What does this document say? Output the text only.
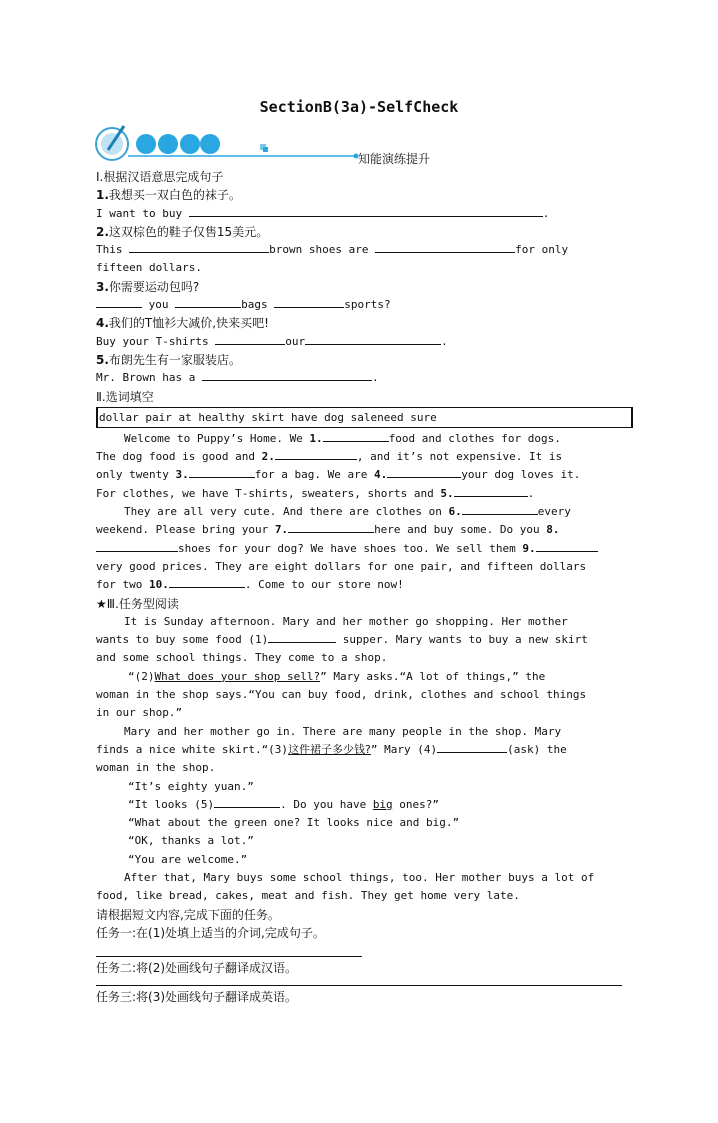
SectionB(3a)-SelfCheck
知能演练提升
Ⅰ.根据汉语意思完成句子
1.我想买一双白色的袜子。
I want to buy	.
2.这双棕色的鞋子仅售15美元。
This	brown shoes are	for only
fifteen dollars.
3.你需要运动包吗?
you	bags	sports?
4.我们的T恤衫大减价,快来买吧!
Buy your T-shirts	our	.
5.布朗先生有一家服装店。
Mr. Brown has a	.
Ⅱ.选词填空
dollar pair at healthy skirt have dog saleneed sure
Welcome to Puppy’s Home. We 1.	food and clothes for dogs.
The dog food is good and 2.	, and it’s not expensive. It is
only twenty 3.	for a bag. We are 4.	your dog loves it.
For clothes, we have T-shirts, sweaters, shorts and 5.	.
They are all very cute. And there are clothes on 6.	every
weekend. Please bring your 7.	here and buy some. Do you 8.
shoes for your dog? We have shoes too. We sell them 9.
very good prices. They are eight dollars for one pair, and fifteen dollars
for two 10.	. Come to our store now!
★Ⅲ.任务型阅读
It is Sunday afternoon. Mary and her mother go shopping. Her mother
wants to buy some food (1)	supper. Mary wants to buy a new skirt
and some school things. They come to a shop.
“(2)What does your shop sell?” Mary asks.“A lot of things,” the
woman in the shop says.“You can buy food, drink, clothes and school things
in our shop.”
Mary and her mother go in. There are many people in the shop. Mary
finds a nice white skirt.“(3)这件裙子多少钱?” Mary (4)	(ask) the
woman in the shop.
“It’s eighty yuan.”
“It looks (5)	. Do you have big ones?”
“What about the green one? It looks nice and big.”
“OK, thanks a lot.”
“You are welcome.”
After that, Mary buys some school things, too. Her mother buys a lot of
food, like bread, cakes, meat and fish. They get home very late.
请根据短文内容,完成下面的任务。
任务一:在(1)处填上适当的介词,完成句子。
任务二:将(2)处画线句子翻译成汉语。
任务三:将(3)处画线句子翻译成英语。
